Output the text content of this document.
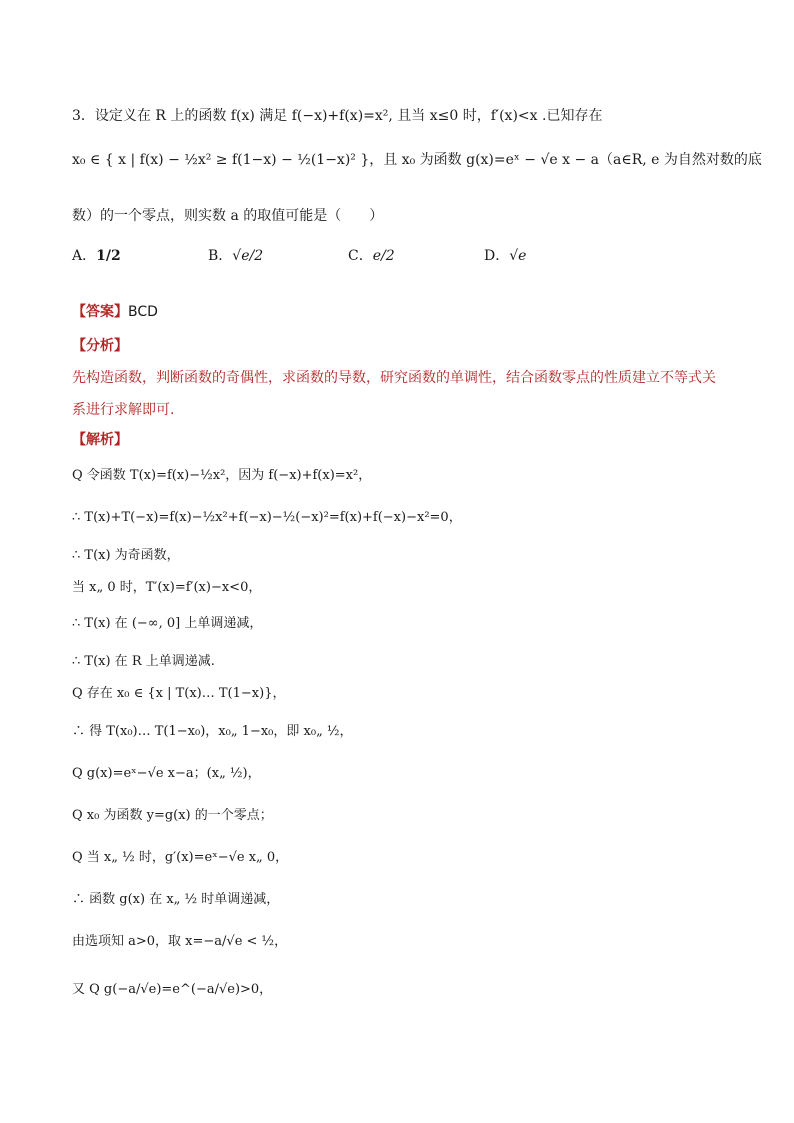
3．设定义在 R 上的函数 f(x) 满足 f(−x)+f(x)=x², 且当 x≤0 时，f′(x)<x .已知存在
x₀ ∈ { x | f(x) − ½x² ≥ f(1−x) − ½(1−x)² }，且 x₀ 为函数 g(x)=eˣ − √e x − a（a∈R, e 为自然对数的底
数）的一个零点，则实数 a 的取值可能是（　　）
A．1/2	B．√e/2	C．e/2	D．√e
【答案】BCD
【分析】
先构造函数，判断函数的奇偶性，求函数的导数，研究函数的单调性，结合函数零点的性质建立不等式关
系进行求解即可.
【解析】
Q 令函数 T(x)=f(x)−½x²，因为 f(−x)+f(x)=x²，
∴ T(x)+T(−x)=f(x)−½x²+f(−x)−½(−x)²=f(x)+f(−x)−x²=0，
∴ T(x) 为奇函数，
当 x„ 0 时，T′(x)=f′(x)−x<0，
∴ T(x) 在 (−∞, 0] 上单调递减，
∴ T(x) 在 R 上单调递减.
Q 存在 x₀ ∈ {x | T(x)… T(1−x)}，
∴ 得 T(x₀)… T(1−x₀)，x₀„ 1−x₀，即 x₀„ ½，
Q g(x)=eˣ−√e x−a；(x„ ½)，
Q x₀ 为函数 y=g(x) 的一个零点；
Q 当 x„ ½ 时，g′(x)=eˣ−√e x„ 0，
∴ 函数 g(x) 在 x„ ½ 时单调递减，
由选项知 a>0，取 x=−a/√e < ½，
又 Q g(−a/√e)=e^(−a/√e)>0，
